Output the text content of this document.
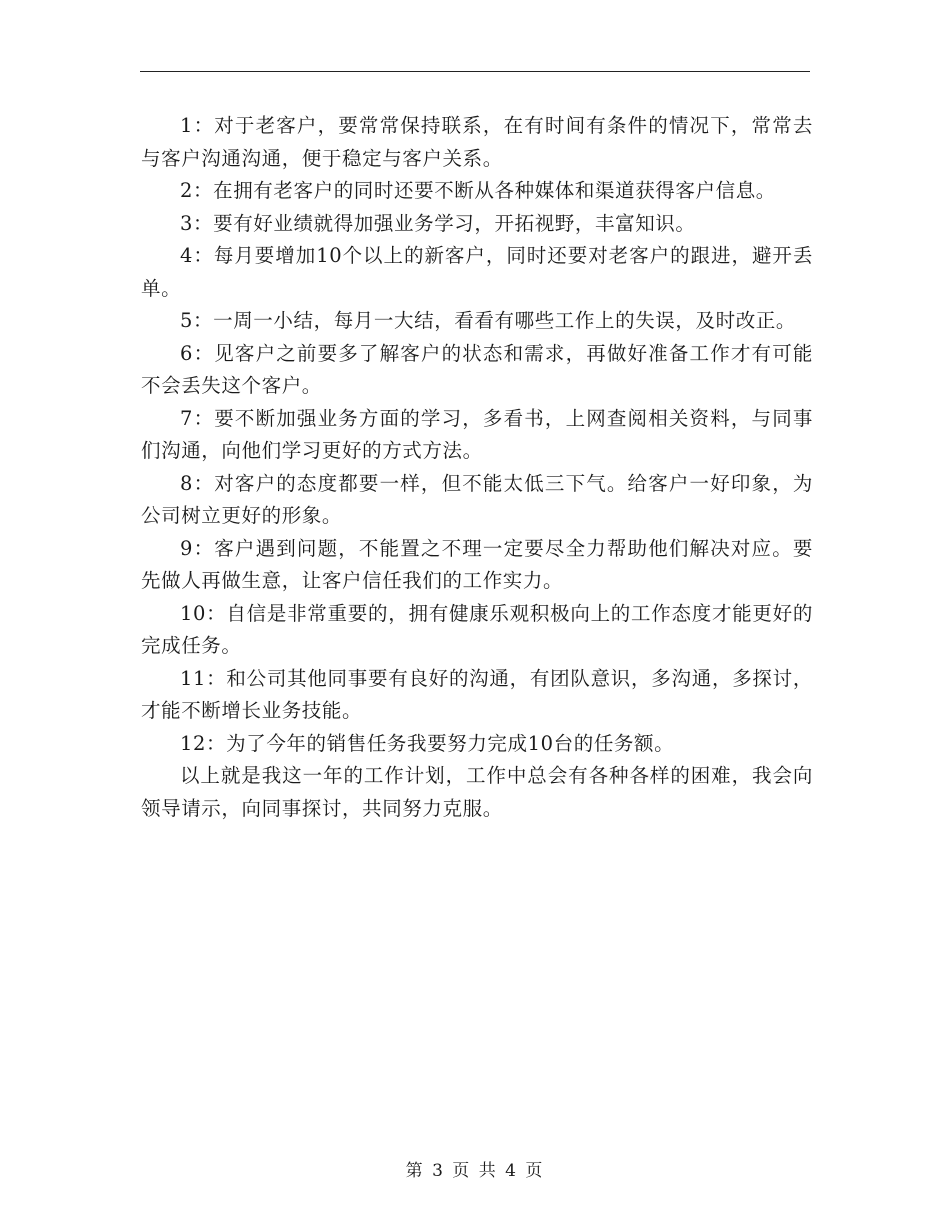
1：对于老客户，要常常保持联系，在有时间有条件的情况下，常常去与客户沟通沟通，便于稳定与客户关系。

2：在拥有老客户的同时还要不断从各种媒体和渠道获得客户信息。

3：要有好业绩就得加强业务学习，开拓视野，丰富知识。

4：每月要增加10个以上的新客户，同时还要对老客户的跟进，避开丢单。

5：一周一小结，每月一大结，看看有哪些工作上的失误，及时改正。

6：见客户之前要多了解客户的状态和需求，再做好准备工作才有可能不会丢失这个客户。

7：要不断加强业务方面的学习，多看书，上网查阅相关资料，与同事们沟通，向他们学习更好的方式方法。

8：对客户的态度都要一样，但不能太低三下气。给客户一好印象，为公司树立更好的形象。

9：客户遇到问题，不能置之不理一定要尽全力帮助他们解决对应。要先做人再做生意，让客户信任我们的工作实力。

10：自信是非常重要的，拥有健康乐观积极向上的工作态度才能更好的完成任务。

11：和公司其他同事要有良好的沟通，有团队意识，多沟通，多探讨，才能不断增长业务技能。

12：为了今年的销售任务我要努力完成10台的任务额。

以上就是我这一年的工作计划，工作中总会有各种各样的困难，我会向领导请示，向同事探讨，共同努力克服。

第 3 页 共 4 页
